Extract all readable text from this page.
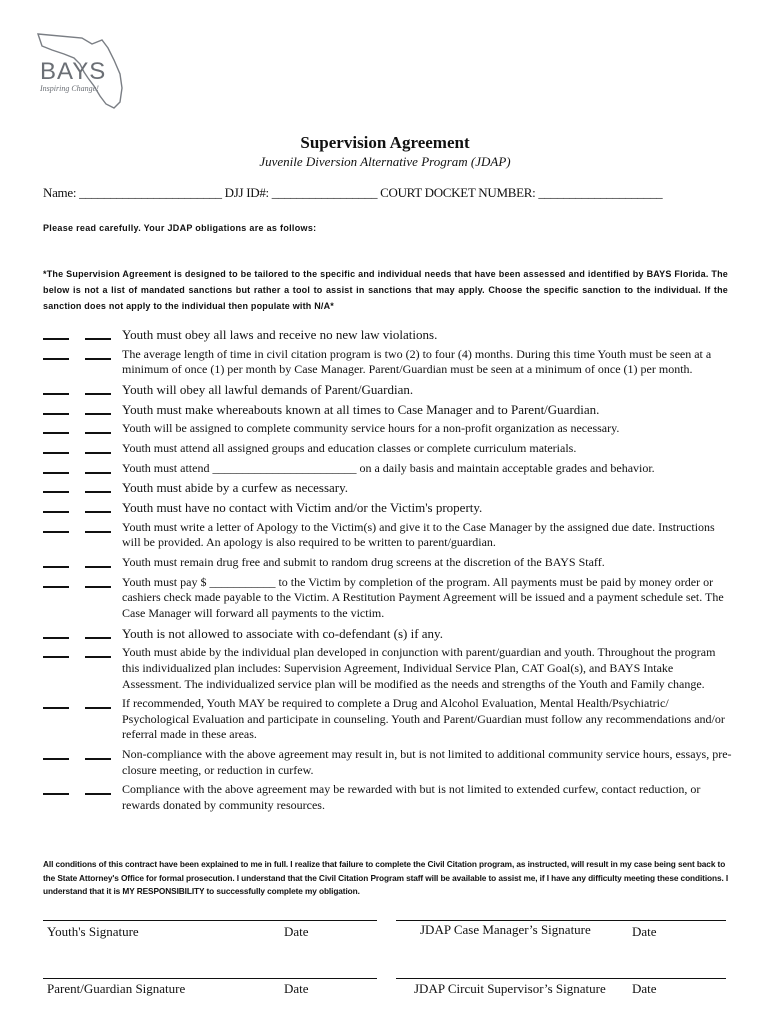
BAYS
Inspiring Change!
Supervision Agreement
Juvenile Diversion Alternative Program (JDAP)
Name: _______________________ DJJ ID#: _________________ COURT DOCKET NUMBER: ____________________
Please read carefully. Your JDAP obligations are as follows:
*The Supervision Agreement is designed to be tailored to the specific and individual needs that have been assessed and identified by BAYS Florida. The below is not a list of mandated sanctions but rather a tool to assist in sanctions that may apply. Choose the specific sanction to the individual. If the sanction does not apply to the individual then populate with N/A*
Youth must obey all laws and receive no new law violations.
The average length of time in civil citation program is two (2) to four (4) months. During this time Youth must be seen at a minimum of once (1) per month by Case Manager. Parent/Guardian must be seen at a minimum of once (1) per month.
Youth will obey all lawful demands of Parent/Guardian.
Youth must make whereabouts known at all times to Case Manager and to Parent/Guardian.
Youth will be assigned to complete community service hours for a non-profit organization as necessary.
Youth must attend all assigned groups and education classes or complete curriculum materials.
Youth must attend ________________________ on a daily basis and maintain acceptable grades and behavior.
Youth must abide by a curfew as necessary.
Youth must have no contact with Victim and/or the Victim's property.
Youth must write a letter of Apology to the Victim(s) and give it to the Case Manager by the assigned due date. Instructions will be provided. An apology is also required to be written to parent/guardian.
Youth must remain drug free and submit to random drug screens at the discretion of the BAYS Staff.
Youth must pay $ ___________ to the Victim by completion of the program. All payments must be paid by money order or cashiers check made payable to the Victim. A Restitution Payment Agreement will be issued and a payment schedule set. The Case Manager will forward all payments to the victim.
Youth is not allowed to associate with co-defendant (s) if any.
Youth must abide by the individual plan developed in conjunction with parent/guardian and youth. Throughout the program this individualized plan includes: Supervision Agreement, Individual Service Plan, CAT Goal(s), and BAYS Intake Assessment. The individualized service plan will be modified as the needs and strengths of the Youth and Family change.
If recommended, Youth MAY be required to complete a Drug and Alcohol Evaluation, Mental Health/Psychiatric/ Psychological Evaluation and participate in counseling. Youth and Parent/Guardian must follow any recommendations and/or referral made in these areas.
Non-compliance with the above agreement may result in, but is not limited to additional community service hours, essays, pre-closure meeting, or reduction in curfew.
Compliance with the above agreement may be rewarded with but is not limited to extended curfew, contact reduction, or rewards donated by community resources.
All conditions of this contract have been explained to me in full. I realize that failure to complete the Civil Citation program, as instructed, will result in my case being sent back to the State Attorney's Office for formal prosecution. I understand that the Civil Citation Program staff will be available to assist me, if I have any difficulty meeting these conditions. I understand that it is MY RESPONSIBILITY to successfully complete my obligation.
Youth's Signature	Date	JDAP Case Manager’s Signature	Date
Parent/Guardian Signature	Date	JDAP Circuit Supervisor’s Signature Date
